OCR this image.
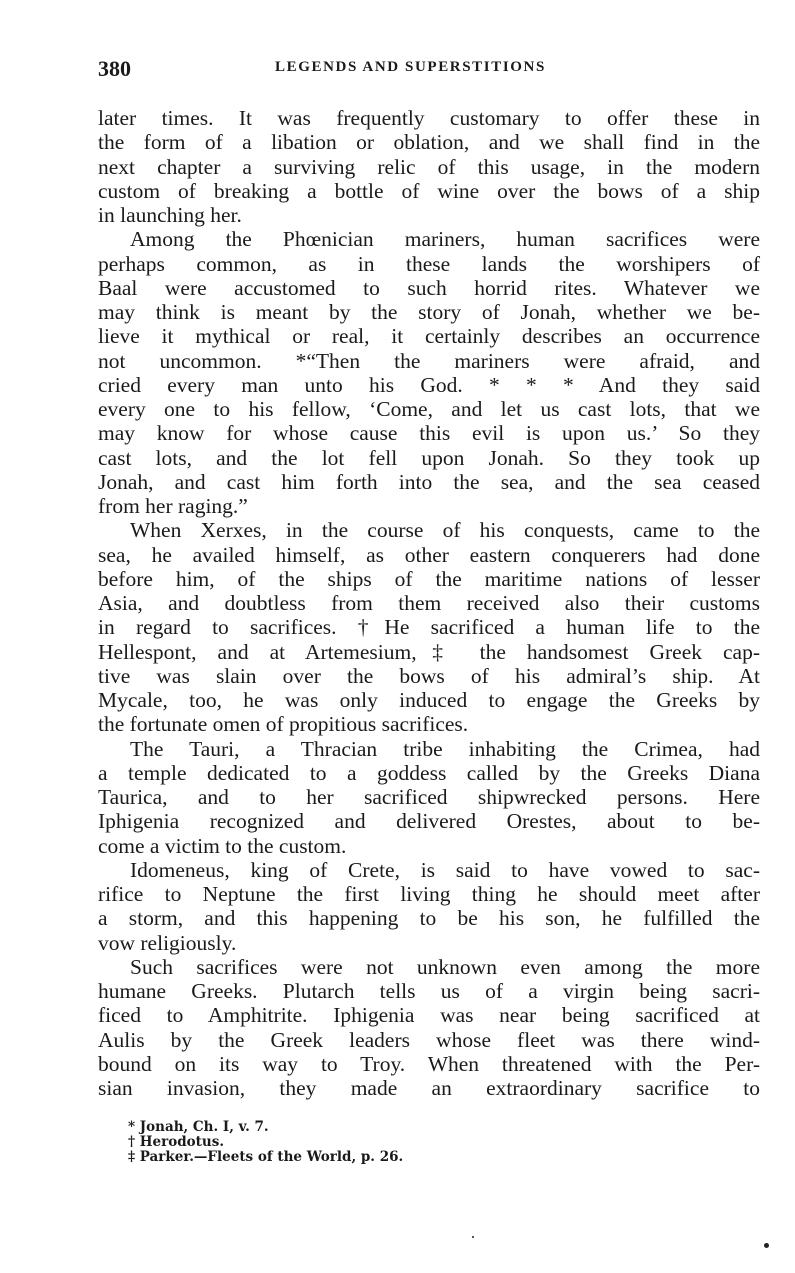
380	LEGENDS AND SUPERSTITIONS
later times. It was frequently customary to offer these in
the form of a libation or oblation, and we shall find in the
next chapter a surviving relic of this usage, in the modern
custom of breaking a bottle of wine over the bows of a ship
in launching her.
Among the Phœnician mariners, human sacrifices were
perhaps common, as in these lands the worshipers of
Baal were accustomed to such horrid rites. Whatever we
may think is meant by the story of Jonah, whether we be-
lieve it mythical or real, it certainly describes an occurrence
not uncommon. *“Then the mariners were afraid, and
cried every man unto his God. * * * And they said
every one to his fellow, ‘Come, and let us cast lots, that we
may know for whose cause this evil is upon us.’ So they
cast lots, and the lot fell upon Jonah. So they took up
Jonah, and cast him forth into the sea, and the sea ceased
from her raging.”
When Xerxes, in the course of his conquests, came to the
sea, he availed himself, as other eastern conquerers had done
before him, of the ships of the maritime nations of lesser
Asia, and doubtless from them received also their customs
in regard to sacrifices. †He sacrificed a human life to the
Hellespont, and at Artemesium,‡ the handsomest Greek cap-
tive was slain over the bows of his admiral’s ship. At
Mycale, too, he was only induced to engage the Greeks by
the fortunate omen of propitious sacrifices.
The Tauri, a Thracian tribe inhabiting the Crimea, had
a temple dedicated to a goddess called by the Greeks Diana
Taurica, and to her sacrificed shipwrecked persons. Here
Iphigenia recognized and delivered Orestes, about to be-
come a victim to the custom.
Idomeneus, king of Crete, is said to have vowed to sac-
rifice to Neptune the first living thing he should meet after
a storm, and this happening to be his son, he fulfilled the
vow religiously.
Such sacrifices were not unknown even among the more
humane Greeks. Plutarch tells us of a virgin being sacri-
ficed to Amphitrite. Iphigenia was near being sacrificed at
Aulis by the Greek leaders whose fleet was there wind-
bound on its way to Troy. When threatened with the Per-
sian invasion, they made an extraordinary sacrifice to
* Jonah, Ch. I, v. 7.
† Herodotus.
‡ Parker.—Fleets of the World, p. 26.
